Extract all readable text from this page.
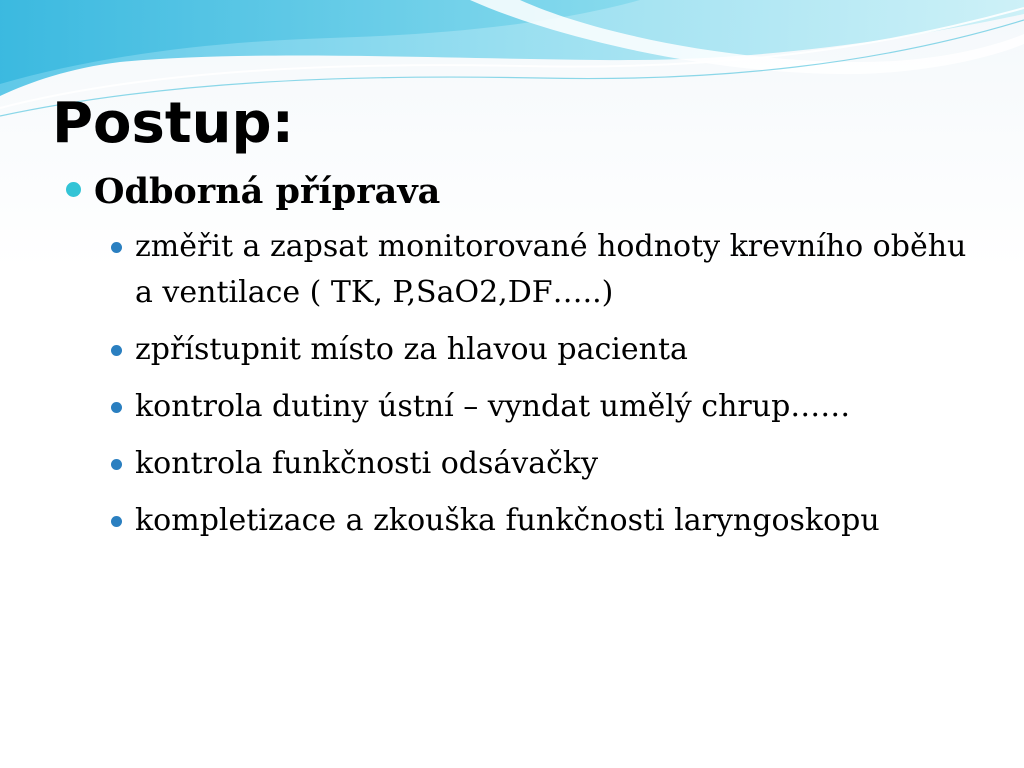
Postup:
Odborná příprava
změřit a zapsat monitorované hodnoty krevního oběhu a ventilace ( TK, P,SaO2,DF…..)
zpřístupnit místo za hlavou pacienta
kontrola dutiny ústní – vyndat umělý chrup……
kontrola funkčnosti odsávačky
kompletizace a zkouška funkčnosti laryngoskopu
